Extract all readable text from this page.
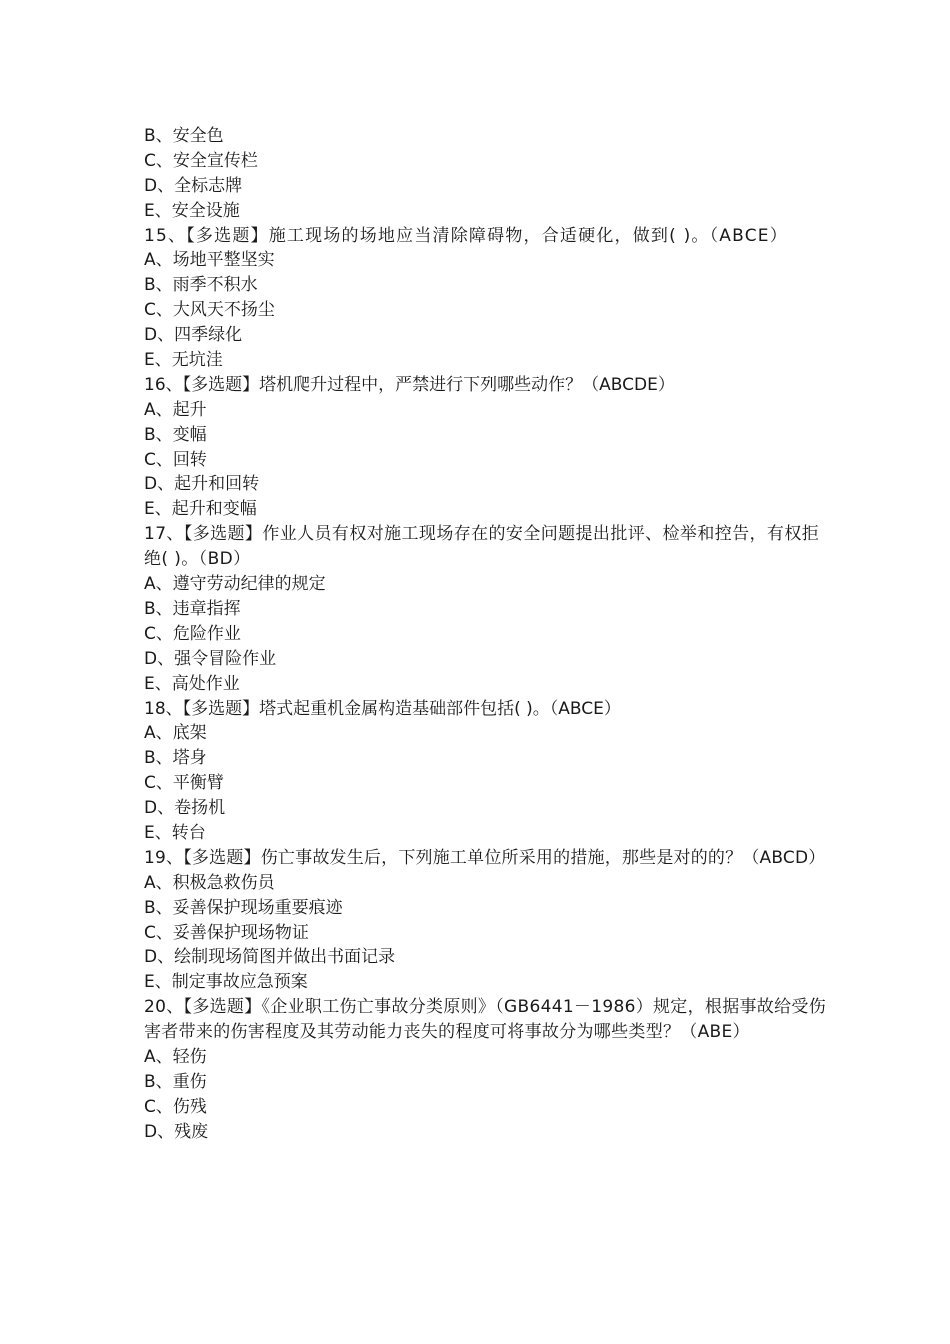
B、安全色
C、安全宣传栏
D、全标志牌
E、安全设施
15、【多选题】施工现场的场地应当清除障碍物，合适硬化，做到( )。（ABCE）
A、场地平整坚实
B、雨季不积水
C、大风天不扬尘
D、四季绿化
E、无坑洼
16、【多选题】塔机爬升过程中，严禁进行下列哪些动作？（ABCDE）
A、起升
B、变幅
C、回转
D、起升和回转
E、起升和变幅
17、【多选题】作业人员有权对施工现场存在的安全问题提出批评、检举和控告，有权拒绝( )。（BD）
A、遵守劳动纪律的规定
B、违章指挥
C、危险作业
D、强令冒险作业
E、高处作业
18、【多选题】塔式起重机金属构造基础部件包括( )。（ABCE）
A、底架
B、塔身
C、平衡臂
D、卷扬机
E、转台
19、【多选题】伤亡事故发生后，下列施工单位所采用的措施，那些是对的的？（ABCD）
A、积极急救伤员
B、妥善保护现场重要痕迹
C、妥善保护现场物证
D、绘制现场简图并做出书面记录
E、制定事故应急预案
20、【多选题】《企业职工伤亡事故分类原则》（GB6441－1986）规定，根据事故给受伤害者带来的伤害程度及其劳动能力丧失的程度可将事故分为哪些类型？（ABE）
A、轻伤
B、重伤
C、伤残
D、残废
